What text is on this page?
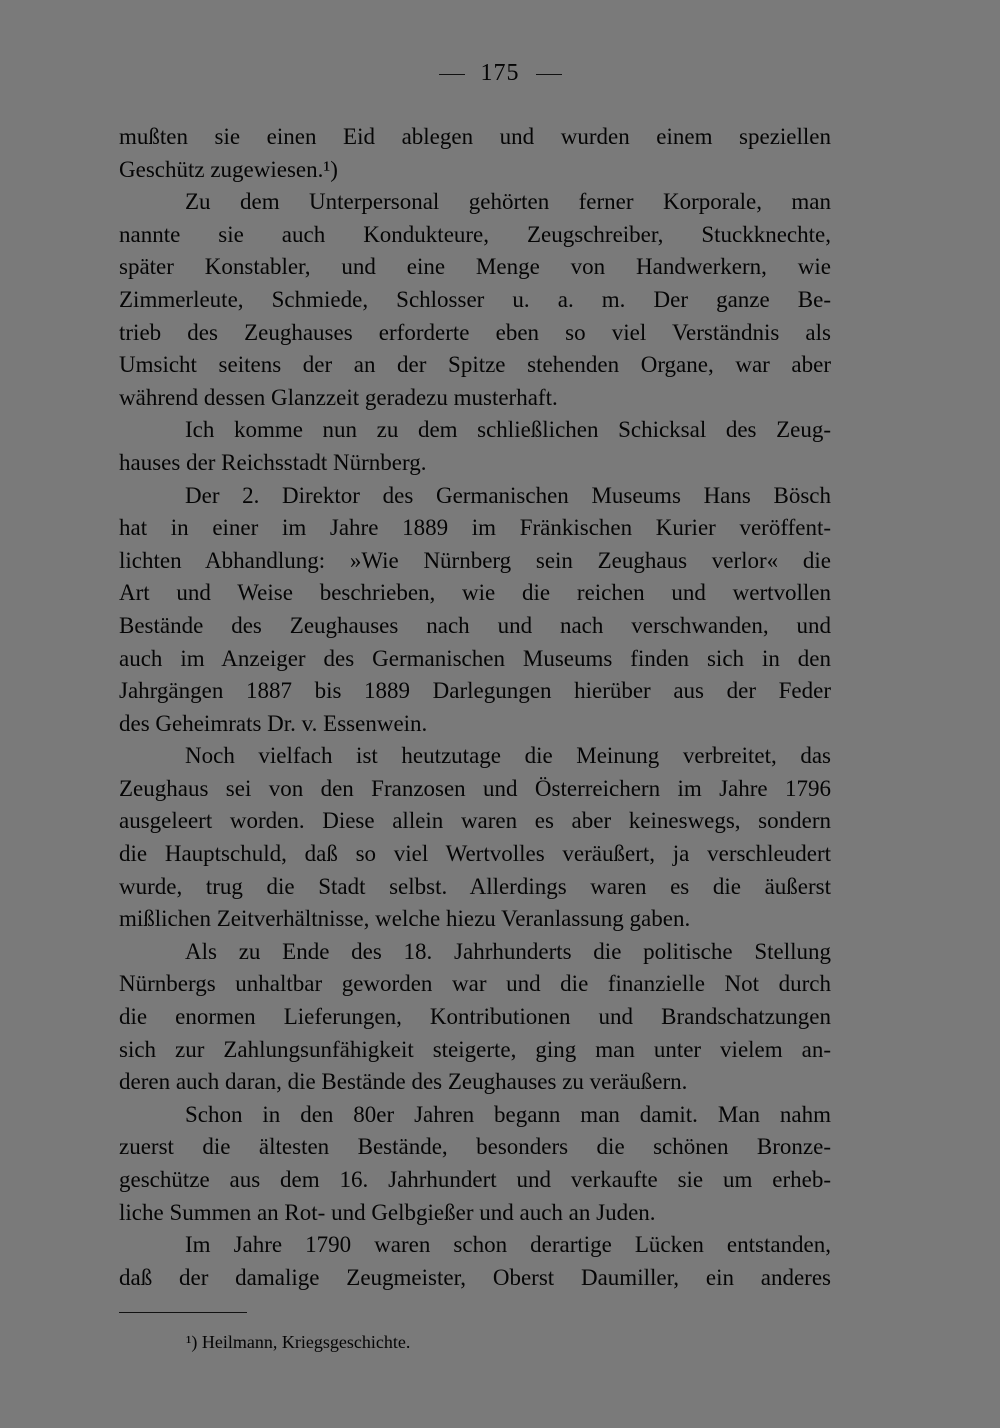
175
mußten sie einen Eid ablegen und wurden einem speziellen
Geschütz zugewiesen.¹)
Zu dem Unterpersonal gehörten ferner Korporale, man
nannte sie auch Kondukteure, Zeugschreiber, Stuckknechte,
später Konstabler, und eine Menge von Handwerkern, wie
Zimmerleute, Schmiede, Schlosser u. a. m. Der ganze Be-
trieb des Zeughauses erforderte eben so viel Verständnis als
Umsicht seitens der an der Spitze stehenden Organe, war aber
während dessen Glanzzeit geradezu musterhaft.
Ich komme nun zu dem schließlichen Schicksal des Zeug-
hauses der Reichsstadt Nürnberg.
Der 2. Direktor des Germanischen Museums Hans Bösch
hat in einer im Jahre 1889 im Fränkischen Kurier veröffent-
lichten Abhandlung: »Wie Nürnberg sein Zeughaus verlor« die
Art und Weise beschrieben, wie die reichen und wertvollen
Bestände des Zeughauses nach und nach verschwanden, und
auch im Anzeiger des Germanischen Museums finden sich in den
Jahrgängen 1887 bis 1889 Darlegungen hierüber aus der Feder
des Geheimrats Dr. v. Essenwein.
Noch vielfach ist heutzutage die Meinung verbreitet, das
Zeughaus sei von den Franzosen und Österreichern im Jahre 1796
ausgeleert worden. Diese allein waren es aber keineswegs, sondern
die Hauptschuld, daß so viel Wertvolles veräußert, ja verschleudert
wurde, trug die Stadt selbst. Allerdings waren es die äußerst
mißlichen Zeitverhältnisse, welche hiezu Veranlassung gaben.
Als zu Ende des 18. Jahrhunderts die politische Stellung
Nürnbergs unhaltbar geworden war und die finanzielle Not durch
die enormen Lieferungen, Kontributionen und Brandschatzungen
sich zur Zahlungsunfähigkeit steigerte, ging man unter vielem an-
deren auch daran, die Bestände des Zeughauses zu veräußern.
Schon in den 80er Jahren begann man damit. Man nahm
zuerst die ältesten Bestände, besonders die schönen Bronze-
geschütze aus dem 16. Jahrhundert und verkaufte sie um erheb-
liche Summen an Rot- und Gelbgießer und auch an Juden.
Im Jahre 1790 waren schon derartige Lücken entstanden,
daß der damalige Zeugmeister, Oberst Daumiller, ein anderes
¹) Heilmann, Kriegsgeschichte.
